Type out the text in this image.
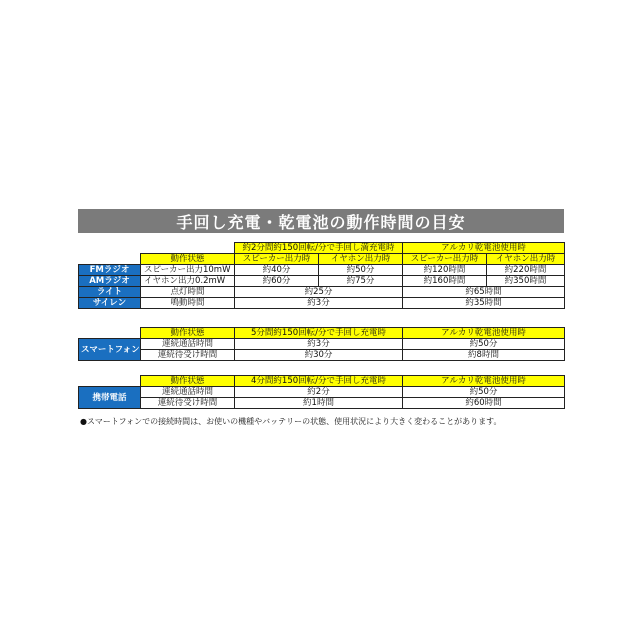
手回し充電・乾電池の動作時間の目安
		約2分間約150回転/分で手回し満充電時		アルカリ乾電池使用時	
	動作状態	スピーカー出力時	イヤホン出力時	スピーカー出力時	イヤホン出力時
FMラジオ	スピーカー出力10mW	約40分	約50分	約120時間	約220時間
AMラジオ	イヤホン出力0.2mW	約60分	約75分	約160時間	約350時間
ライト	点灯時間	約25分		約65時間	
サイレン	鳴動時間	約3分		約35時間	
	動作状態	5分間約150回転/分で手回し充電時	アルカリ乾電池使用時
スマートフォン	連続通話時間	約3分	約50分
	連続待受け時間	約30分	約8時間
	動作状態	4分間約150回転/分で手回し充電時	アルカリ乾電池使用時
携帯電話	連続通話時間	約2分	約50分
	連続待受け時間	約1時間	約60時間
●スマートフォンでの接続時間は、お使いの機種やバッテリーの状態、使用状況により大きく変わることがあります。
